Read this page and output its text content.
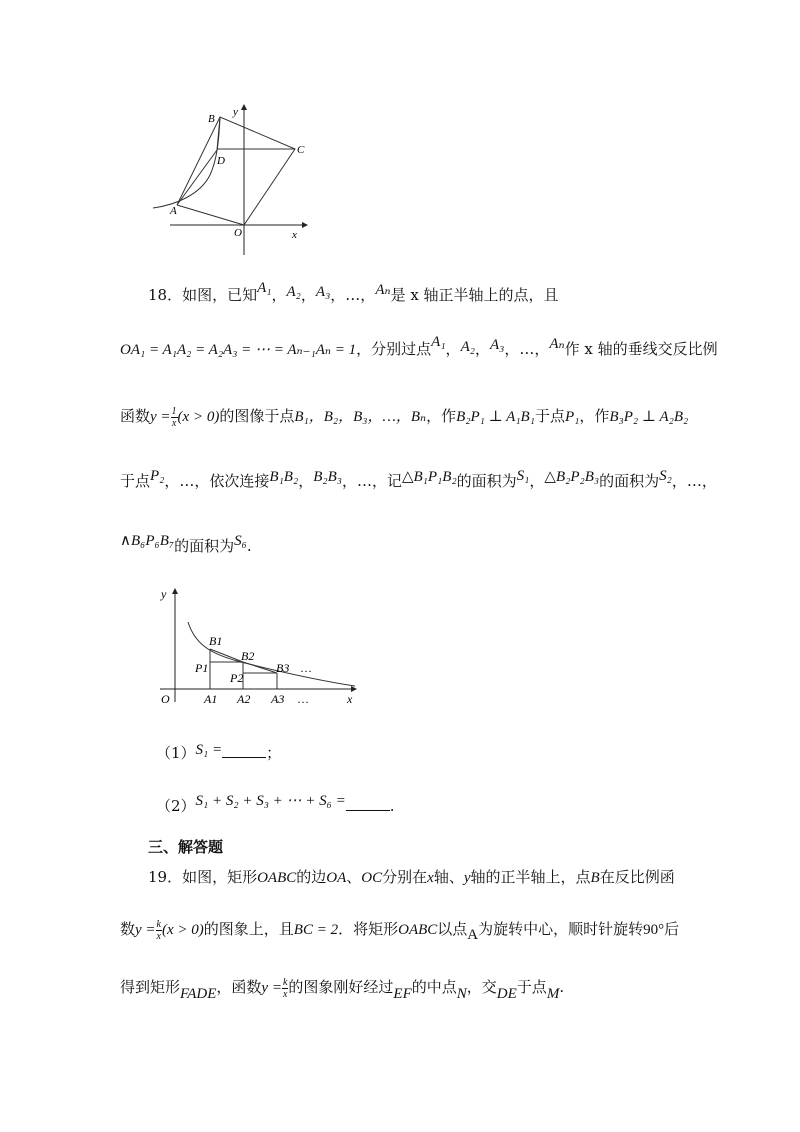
y
x
B
C
D
A
O
18．如图，已知A₁，A₂，A₃，…，Aₙ是 x 轴正半轴上的点，且
OA₁ = A₁A₂ = A₂A₃ = ⋯ = Aₙ₋₁Aₙ = 1，分别过点A₁，A₂，A₃，…，Aₙ作 x 轴的垂线交反比例
函数$y = \frac{1}{x} (x > 0)$的图像于点B₁，B₂，B₃，…，Bₙ，作B₂P₁ ⊥ A₁B₁于点P₁，作B₃P₂ ⊥ A₂B₂
于点P₂，…，依次连接B₁B₂，B₂B₃，…，记△B₁P₁B₂的面积为S₁，△B₂P₂B₃的面积为S₂，…，
∧B₆P₆B₇的面积为S₆.
y
O	x
B1
B2
B3 …
P1
P2
A1 A2 A3 …
（1）S₁ =	；
（2）S₁ + S₂ + S₃ + ⋯ + S₆ =	.
三、解答题
19．如图，矩形OABC的边OA、OC分别在x轴、y轴的正半轴上，点B在反比例函
数$y = \frac{k}{x} (x > 0)$的图象上，且BC = 2．将矩形OABC以点A为旋转中心，顺时针旋转90°后
得到矩形FADE，函数$y = \frac{k}{x}$ 的图象刚好经过EF的中点N，交DE于点M.
